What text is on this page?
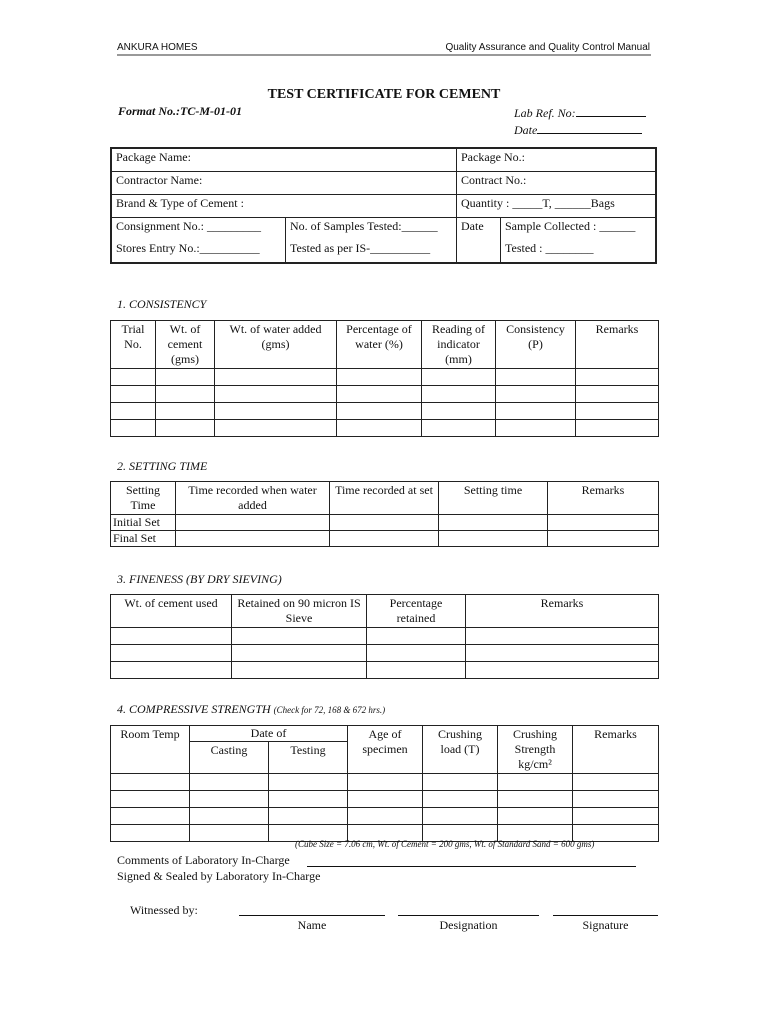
ANKURA HOMES	Quality Assurance and Quality Control Manual
TEST CERTIFICATE FOR CEMENT
Format No.:TC-M-01-01	Lab Ref. No:
Date
Package Name:		Package No.:	
Contractor Name:		Contract No.:	
Brand & Type of Cement :		Quantity : _____T, ______Bags	
Consignment No.: _________	No. of Samples Tested:______	Date	Sample Collected : ______
Stores Entry No.:__________	Tested as per IS-__________		Tested : ________
1. CONSISTENCY
Trial No.	Wt. of cement (gms)	Wt. of water added (gms)	Percentage of water (%)	Reading of indicator (mm)	Consistency (P)	Remarks

2. SETTING TIME
Setting Time	Time recorded when water added	Time recorded at set	Setting time	Remarks
Initial Set				
Final Set				
3. FINENESS (BY DRY SIEVING)
Wt. of cement used	Retained on 90 micron IS Sieve	Percentage retained	Remarks

4. COMPRESSIVE STRENGTH (Check for 72, 168 & 672 hrs.)
Room Temp	Date of		Age of specimen	Crushing load (T)	Crushing Strength kg/cm²	Remarks
	Casting	Testing				

(Cube Size = 7.06 cm, Wt. of Cement = 200 gms, Wt. of Standard Sand = 600 gms)
Comments of Laboratory In-Charge
Signed & Sealed by Laboratory In-Charge
Witnessed by:
Name	Designation	Signature
